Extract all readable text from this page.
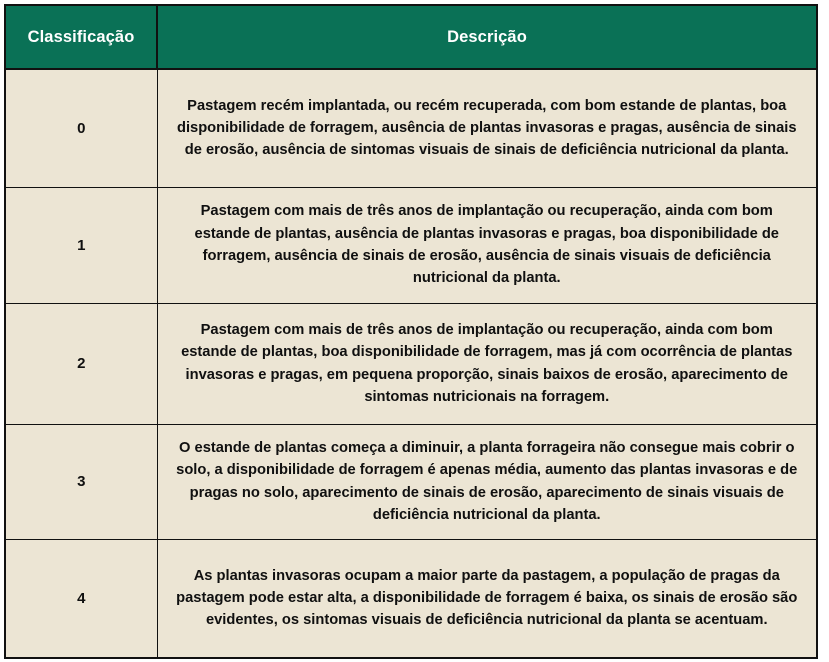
Classificação	Descrição
0	Pastagem recém implantada, ou recém recuperada, com bom estande de plantas, boa disponibilidade de forragem, ausência de plantas invasoras e pragas, ausência de sinais de erosão, ausência de sintomas visuais de sinais de deficiência nutricional da planta.
1	Pastagem com mais de três anos de implantação ou recuperação, ainda com bom estande de plantas, ausência de plantas invasoras e pragas, boa disponibilidade de forragem, ausência de sinais de erosão, ausência de sinais visuais de deficiência nutricional da planta.
2	Pastagem com mais de três anos de implantação ou recuperação, ainda com bom estande de plantas, boa disponibilidade de forragem, mas já com ocorrência de plantas invasoras e pragas, em pequena proporção, sinais baixos de erosão, aparecimento de sintomas nutricionais na forragem.
3	O estande de plantas começa a diminuir, a planta forrageira não consegue mais cobrir o solo, a disponibilidade de forragem é apenas média, aumento das plantas invasoras e de pragas no solo, aparecimento de sinais de erosão, aparecimento de sinais visuais de deficiência nutricional da planta.
4	As plantas invasoras ocupam a maior parte da pastagem, a população de pragas da pastagem pode estar alta, a disponibilidade de forragem é baixa, os sinais de erosão são evidentes, os sintomas visuais de deficiência nutricional da planta se acentuam.
